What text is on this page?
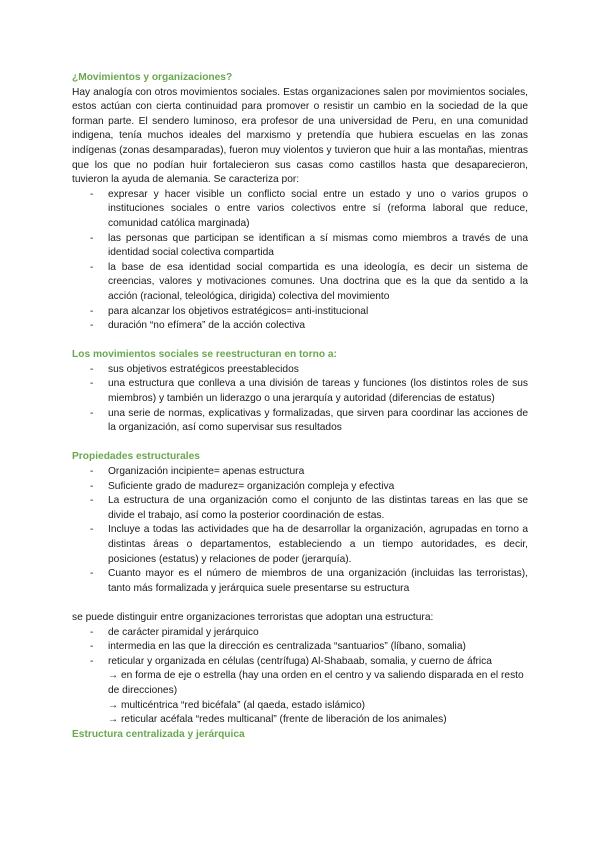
¿Movimientos y organizaciones?

Hay analogía con otros movimientos sociales. Estas organizaciones salen por movimientos sociales, estos actúan con cierta continuidad para promover o resistir un cambio en la sociedad de la que forman parte. El sendero luminoso, era profesor de una universidad de Peru, en una comunidad indigena, tenía muchos ideales del marxismo y pretendía que hubiera escuelas en las zonas indígenas (zonas desamparadas), fueron muy violentos y tuvieron que huir a las montañas, mientras que los que no podían huir fortalecieron sus casas como castillos hasta que desaparecieron, tuvieron la ayuda de alemania. Se caracteriza por:

-	expresar y hacer visible un conflicto social entre un estado y uno o varios grupos o instituciones sociales o entre varios colectivos entre sí (reforma laboral que reduce, comunidad católica marginada)
-	las personas que participan se identifican a sí mismas como miembros a través de una identidad social colectiva compartida
-	la base de esa identidad social compartida es una ideología, es decir un sistema de creencias, valores y motivaciones comunes. Una doctrina que es la que da sentido a la acción (racional, teleológica, dirigida) colectiva del movimiento
-	para alcanzar los objetivos estratégicos= anti-institucional
-	duración “no efímera” de la acción colectiva

Los movimientos sociales se reestructuran en torno a:

-	sus objetivos estratégicos preestablecidos
-	una estructura que conlleva a una división de tareas y funciones (los distintos roles de sus miembros) y también un liderazgo o una jerarquía y autoridad (diferencias de estatus)
-	una serie de normas, explicativas y formalizadas, que sirven para coordinar las acciones de la organización, así como supervisar sus resultados

Propiedades estructurales

-	Organización incipiente= apenas estructura
-	Suficiente grado de madurez= organización compleja y efectiva
-	La estructura de una organización como el conjunto de las distintas tareas en las que se divide el trabajo, así como la posterior coordinación de estas.
-	Incluye a todas las actividades que ha de desarrollar la organización, agrupadas en torno a distintas áreas o departamentos, estableciendo a un tiempo autoridades, es decir, posiciones (estatus) y relaciones de poder (jerarquía).
-	Cuanto mayor es el número de miembros de una organización (incluidas las terroristas), tanto más formalizada y jerárquica suele presentarse su estructura

se puede distinguir entre organizaciones terroristas que adoptan una estructura:

-	de carácter piramidal y jerárquico
-	intermedia en las que la dirección es centralizada “santuarios” (líbano, somalia)
-	reticular y organizada en células (centrífuga) Al-Shabaab, somalia, y cuerno de áfrica
→ en forma de eje o estrella (hay una orden en el centro y va saliendo disparada en el resto de direcciones)
→ multicéntrica “red bicéfala” (al qaeda, estado islámico)
→ reticular acéfala “redes multicanal” (frente de liberación de los animales)

Estructura centralizada y jerárquica
